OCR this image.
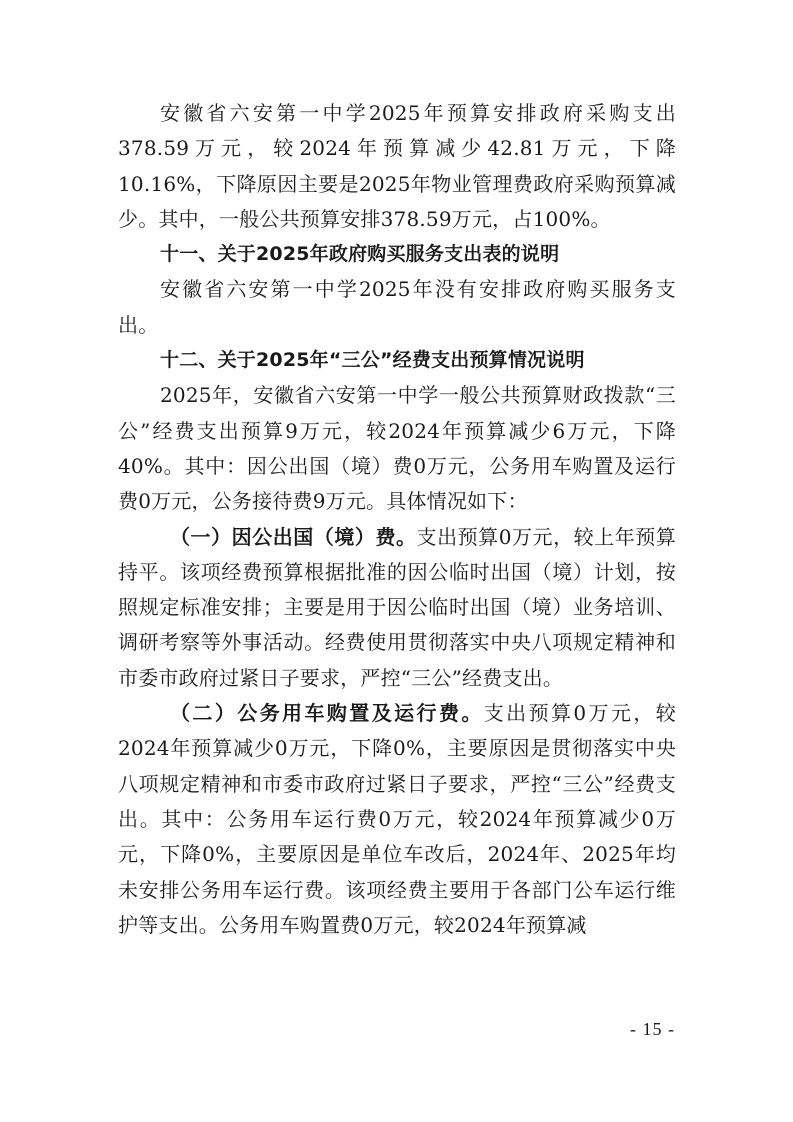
安徽省六安第一中学2025年预算安排政府采购支出378.59万元，较2024年预算减少42.81万元，下降10.16%，下降原因主要是2025年物业管理费政府采购预算减少。其中，一般公共预算安排378.59万元，占100%。

十一、关于2025年政府购买服务支出表的说明

安徽省六安第一中学2025年没有安排政府购买服务支出。

十二、关于2025年“三公”经费支出预算情况说明

2025年，安徽省六安第一中学一般公共预算财政拨款“三公”经费支出预算9万元，较2024年预算减少6万元，下降40%。其中：因公出国（境）费0万元，公务用车购置及运行费0万元，公务接待费9万元。具体情况如下：

（一）因公出国（境）费。支出预算0万元，较上年预算持平。该项经费预算根据批准的因公临时出国（境）计划，按照规定标准安排；主要是用于因公临时出国（境）业务培训、调研考察等外事活动。经费使用贯彻落实中央八项规定精神和市委市政府过紧日子要求，严控“三公”经费支出。

（二）公务用车购置及运行费。支出预算0万元，较2024年预算减少0万元，下降0%，主要原因是贯彻落实中央八项规定精神和市委市政府过紧日子要求，严控“三公”经费支出。其中：公务用车运行费0万元，较2024年预算减少0万元，下降0%，主要原因是单位车改后，2024年、2025年均未安排公务用车运行费。该项经费主要用于各部门公车运行维护等支出。公务用车购置费0万元，较2024年预算减

- 15 -
